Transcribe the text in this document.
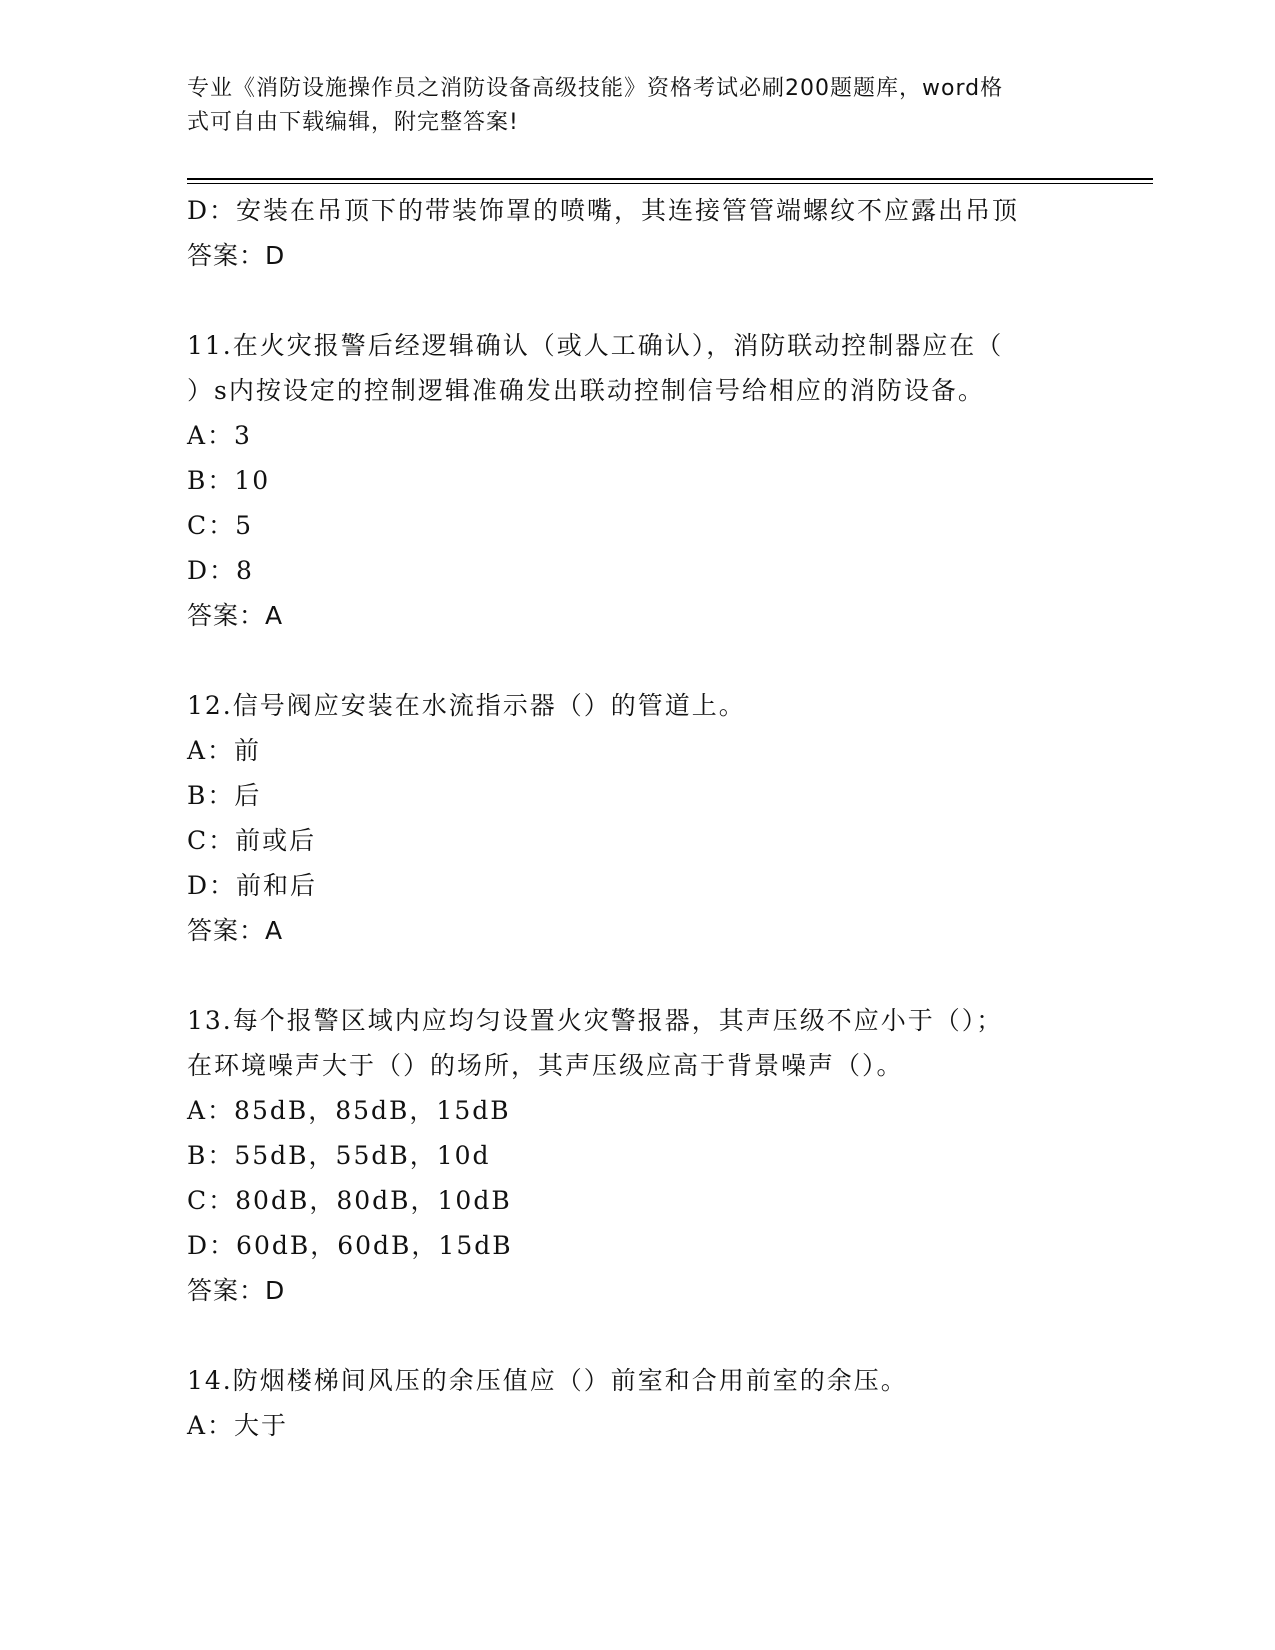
专业《消防设施操作员之消防设备高级技能》资格考试必刷200题题库，word格
式可自由下载编辑，附完整答案!
D：安装在吊顶下的带装饰罩的喷嘴，其连接管管端螺纹不应露出吊顶
答案：D
11.在火灾报警后经逻辑确认（或人工确认），消防联动控制器应在（
）s内按设定的控制逻辑准确发出联动控制信号给相应的消防设备。
A：3
B：10
C：5
D：8
答案：A
12.信号阀应安装在水流指示器（）的管道上。
A：前
B：后
C：前或后
D：前和后
答案：A
13.每个报警区域内应均匀设置火灾警报器，其声压级不应小于（）；
在环境噪声大于（）的场所，其声压级应高于背景噪声（）。
A：85dB，85dB，15dB
B：55dB，55dB，10d
C：80dB，80dB，10dB
D：60dB，60dB，15dB
答案：D
14.防烟楼梯间风压的余压值应（）前室和合用前室的余压。
A：大于
